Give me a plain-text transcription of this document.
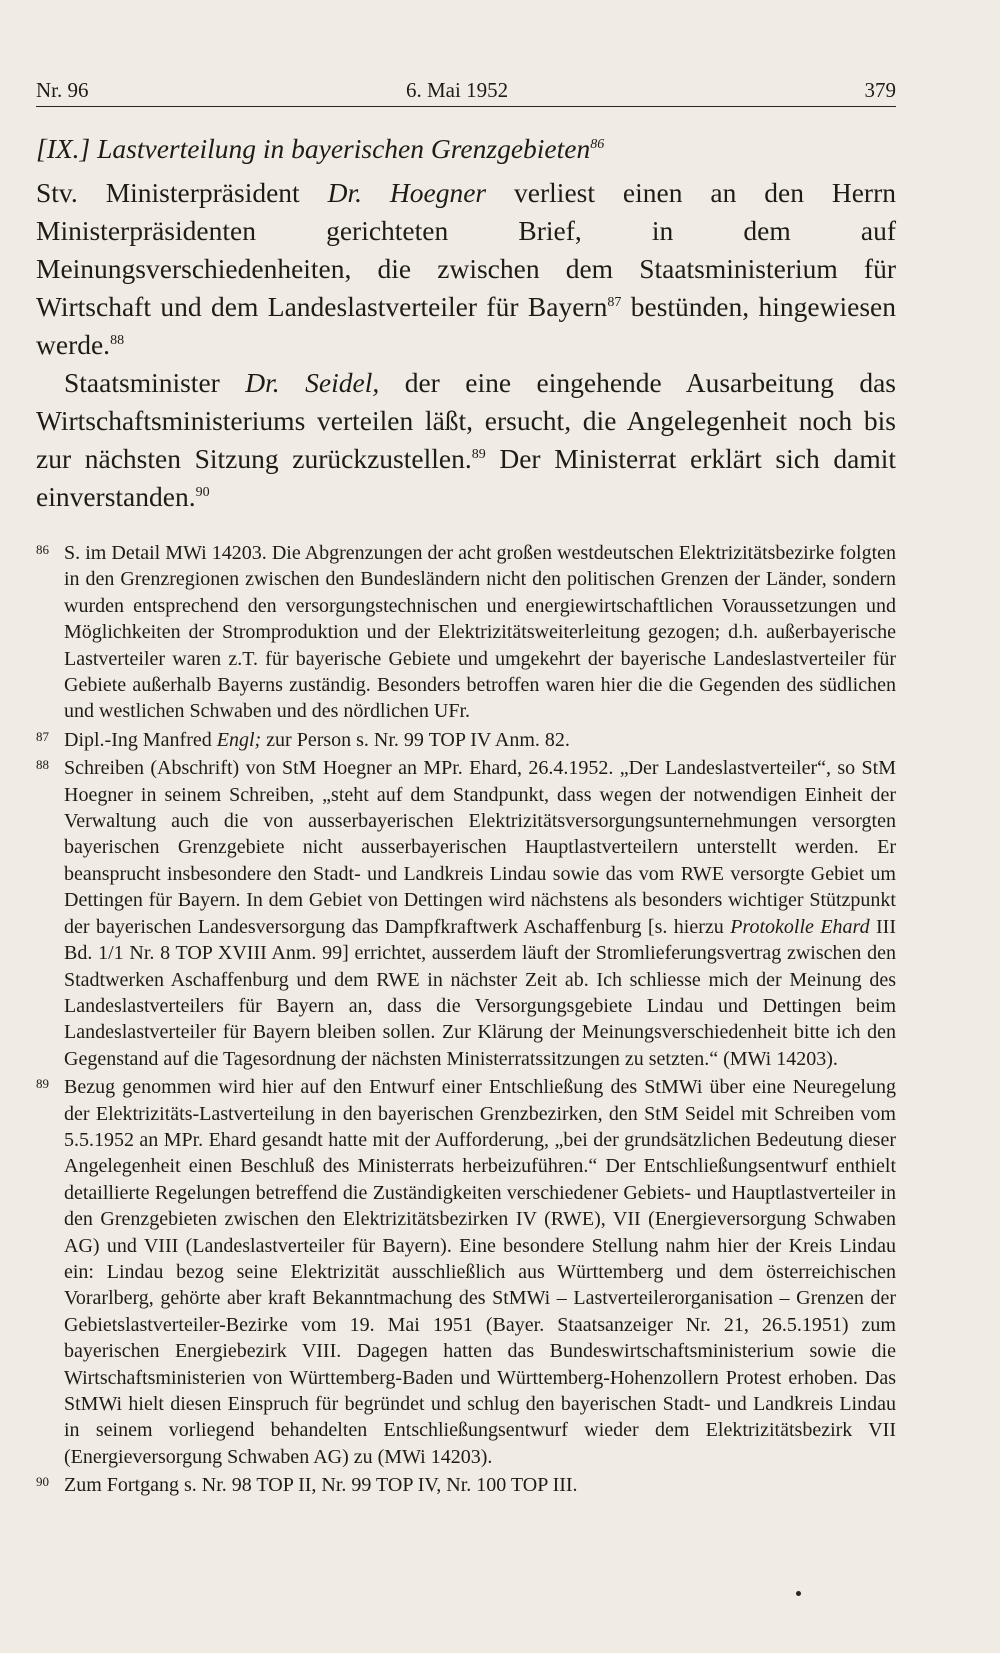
Nr. 96	6. Mai 1952	379

[IX.] Lastverteilung in bayerischen Grenzgebieten$^{86}$

Stv. Ministerpräsident Dr. Hoegner verliest einen an den Herrn Ministerpräsidenten gerichteten Brief, in dem auf Meinungsverschiedenheiten, die zwischen dem Staatsministerium für Wirtschaft und dem Landeslastverteiler für Bayern$^{87}$ bestünden, hingewiesen werde.$^{88}$

Staatsminister Dr. Seidel, der eine eingehende Ausarbeitung das Wirtschaftsministeriums verteilen läßt, ersucht, die Angelegenheit noch bis zur nächsten Sitzung zurückzustellen.$^{89}$ Der Ministerrat erklärt sich damit einverstanden.$^{90}$

86 S. im Detail MWi 14203. Die Abgrenzungen der acht großen westdeutschen Elektrizitätsbezirke folgten in den Grenzregionen zwischen den Bundesländern nicht den politischen Grenzen der Länder, sondern wurden entsprechend den versorgungstechnischen und energiewirtschaftlichen Voraussetzungen und Möglichkeiten der Stromproduktion und der Elektrizitätsweiterleitung gezogen; d.h. außerbayerische Lastverteiler waren z.T. für bayerische Gebiete und umgekehrt der bayerische Landeslastverteiler für Gebiete außerhalb Bayerns zuständig. Besonders betroffen waren hier die die Gegenden des südlichen und westlichen Schwaben und des nördlichen UFr.

87 Dipl.-Ing Manfred Engl; zur Person s. Nr. 99 TOP IV Anm. 82.

88 Schreiben (Abschrift) von StM Hoegner an MPr. Ehard, 26.4.1952. „Der Landeslastverteiler“, so StM Hoegner in seinem Schreiben, „steht auf dem Standpunkt, dass wegen der notwendigen Einheit der Verwaltung auch die von ausserbayerischen Elektrizitätsversorgungsunternehmungen versorgten bayerischen Grenzgebiete nicht ausserbayerischen Hauptlastverteilern unterstellt werden. Er beansprucht insbesondere den Stadt- und Landkreis Lindau sowie das vom RWE versorgte Gebiet um Dettingen für Bayern. In dem Gebiet von Dettingen wird nächstens als besonders wichtiger Stützpunkt der bayerischen Landesversorgung das Dampfkraftwerk Aschaffenburg [s. hierzu Protokolle Ehard III Bd. 1/1 Nr. 8 TOP XVIII Anm. 99] errichtet, ausserdem läuft der Stromlieferungsvertrag zwischen den Stadtwerken Aschaffenburg und dem RWE in nächster Zeit ab. Ich schliesse mich der Meinung des Landeslastverteilers für Bayern an, dass die Versorgungsgebiete Lindau und Dettingen beim Landeslastverteiler für Bayern bleiben sollen. Zur Klärung der Meinungsverschiedenheit bitte ich den Gegenstand auf die Tagesordnung der nächsten Ministerratssitzungen zu setzten.“ (MWi 14203).

89 Bezug genommen wird hier auf den Entwurf einer Entschließung des StMWi über eine Neuregelung der Elektrizitäts-Lastverteilung in den bayerischen Grenzbezirken, den StM Seidel mit Schreiben vom 5.5.1952 an MPr. Ehard gesandt hatte mit der Aufforderung, „bei der grundsätzlichen Bedeutung dieser Angelegenheit einen Beschluß des Ministerrats herbeizuführen.“ Der Entschließungsentwurf enthielt detaillierte Regelungen betreffend die Zuständigkeiten verschiedener Gebiets- und Hauptlastverteiler in den Grenzgebieten zwischen den Elektrizitätsbezirken IV (RWE), VII (Energieversorgung Schwaben AG) und VIII (Landeslastverteiler für Bayern). Eine besondere Stellung nahm hier der Kreis Lindau ein: Lindau bezog seine Elektrizität ausschließlich aus Württemberg und dem österreichischen Vorarlberg, gehörte aber kraft Bekanntmachung des StMWi – Lastverteilerorganisation – Grenzen der Gebietslastverteiler-Bezirke vom 19. Mai 1951 (Bayer. Staatsanzeiger Nr. 21, 26.5.1951) zum bayerischen Energiebezirk VIII. Dagegen hatten das Bundeswirtschaftsministerium sowie die Wirtschaftsministerien von Württemberg-Baden und Württemberg-Hohenzollern Protest erhoben. Das StMWi hielt diesen Einspruch für begründet und schlug den bayerischen Stadt- und Landkreis Lindau in seinem vorliegend behandelten Entschließungsentwurf wieder dem Elektrizitätsbezirk VII (Energieversorgung Schwaben AG) zu (MWi 14203).

90 Zum Fortgang s. Nr. 98 TOP II, Nr. 99 TOP IV, Nr. 100 TOP III.
